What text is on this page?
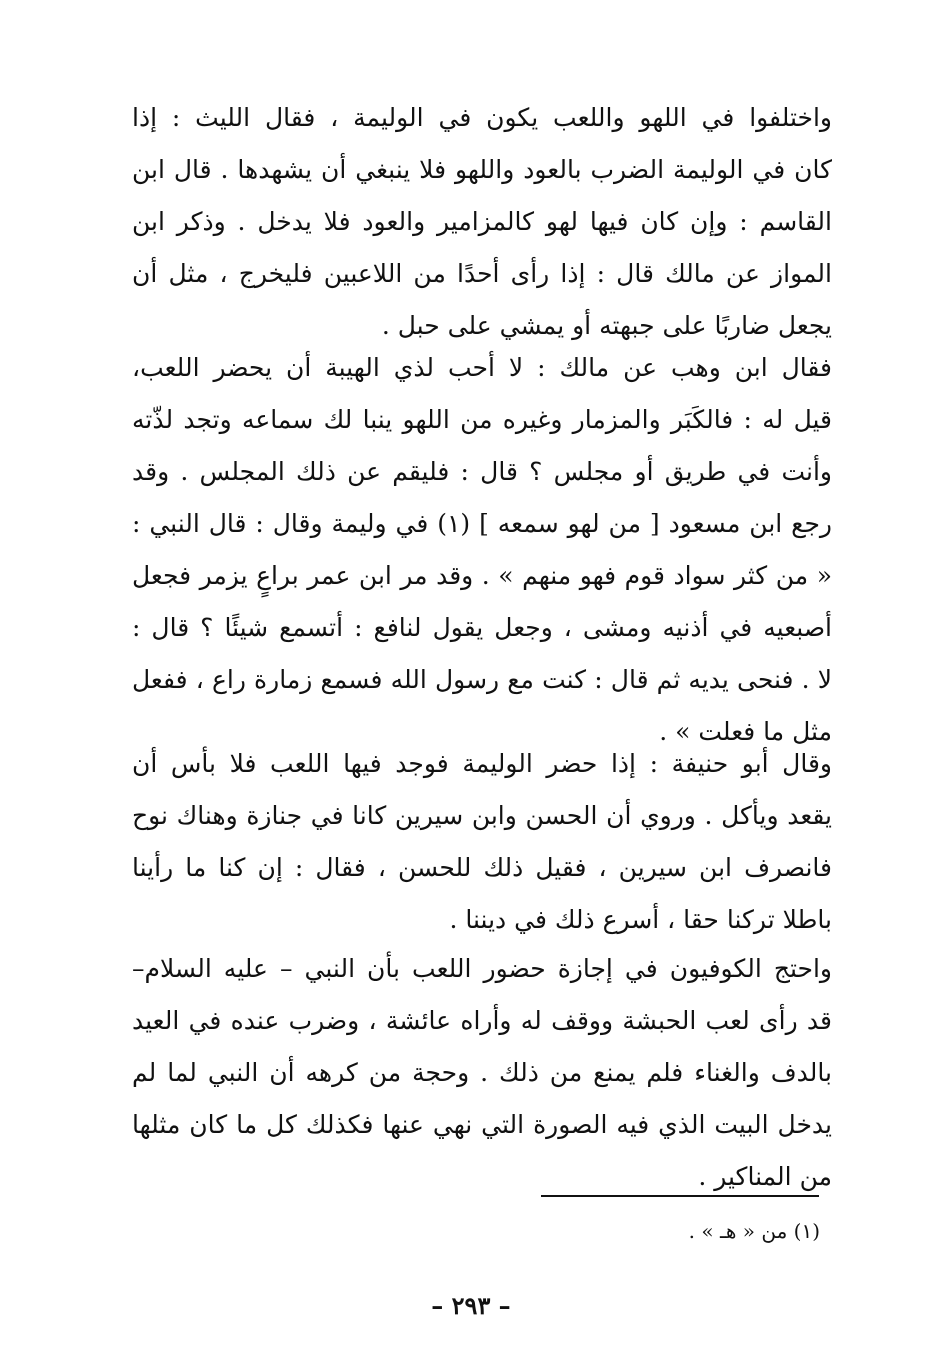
واختلفوا في اللهو واللعب يكون في الوليمة ، فقال الليث : إذا
كان في الوليمة الضرب بالعود واللهو فلا ينبغي أن يشهدها . قال ابن
القاسم : وإن كان فيها لهو كالمزامير والعود فلا يدخل . وذكر ابن
المواز عن مالك قال : إذا رأى أحدًا من اللاعبين فليخرج ، مثل أن
يجعل ضاربًا على جبهته أو يمشي على حبل .
فقال ابن وهب عن مالك : لا أحب لذي الهيبة أن يحضر اللعب،
قيل له : فالكَبَر والمزمار وغيره من اللهو ينبا لك سماعه وتجد لذّته
وأنت في طريق أو مجلس ؟ قال : فليقم عن ذلك المجلس . وقد
رجع ابن مسعود [ من لهو سمعه ] (١) في وليمة وقال : قال النبي :
« من كثر سواد قوم فهو منهم » . وقد مر ابن عمر براعٍ يزمر فجعل
أصبعيه في أذنيه ومشى ، وجعل يقول لنافع : أتسمع شيئًا ؟ قال :
لا . فنحى يديه ثم قال : كنت مع رسول الله فسمع زمارة راع ، ففعل
مثل ما فعلت » .
وقال أبو حنيفة : إذا حضر الوليمة فوجد فيها اللعب فلا بأس أن
يقعد ويأكل . وروي أن الحسن وابن سيرين كانا في جنازة وهناك نوح
فانصرف ابن سيرين ، فقيل ذلك للحسن ، فقال : إن كنا ما رأينا
باطلا تركنا حقا ، أسرع ذلك في ديننا .
واحتج الكوفيون في إجازة حضور اللعب بأن النبي – عليه السلام–
قد رأى لعب الحبشة ووقف له وأراه عائشة ، وضرب عنده في العيد
بالدف والغناء فلم يمنع من ذلك . وحجة من كرهه أن النبي لما لم
يدخل البيت الذي فيه الصورة التي نهي عنها فكذلك كل ما كان مثلها
من المناكير .
(١) من « هـ » .
– ٢٩٣ –
